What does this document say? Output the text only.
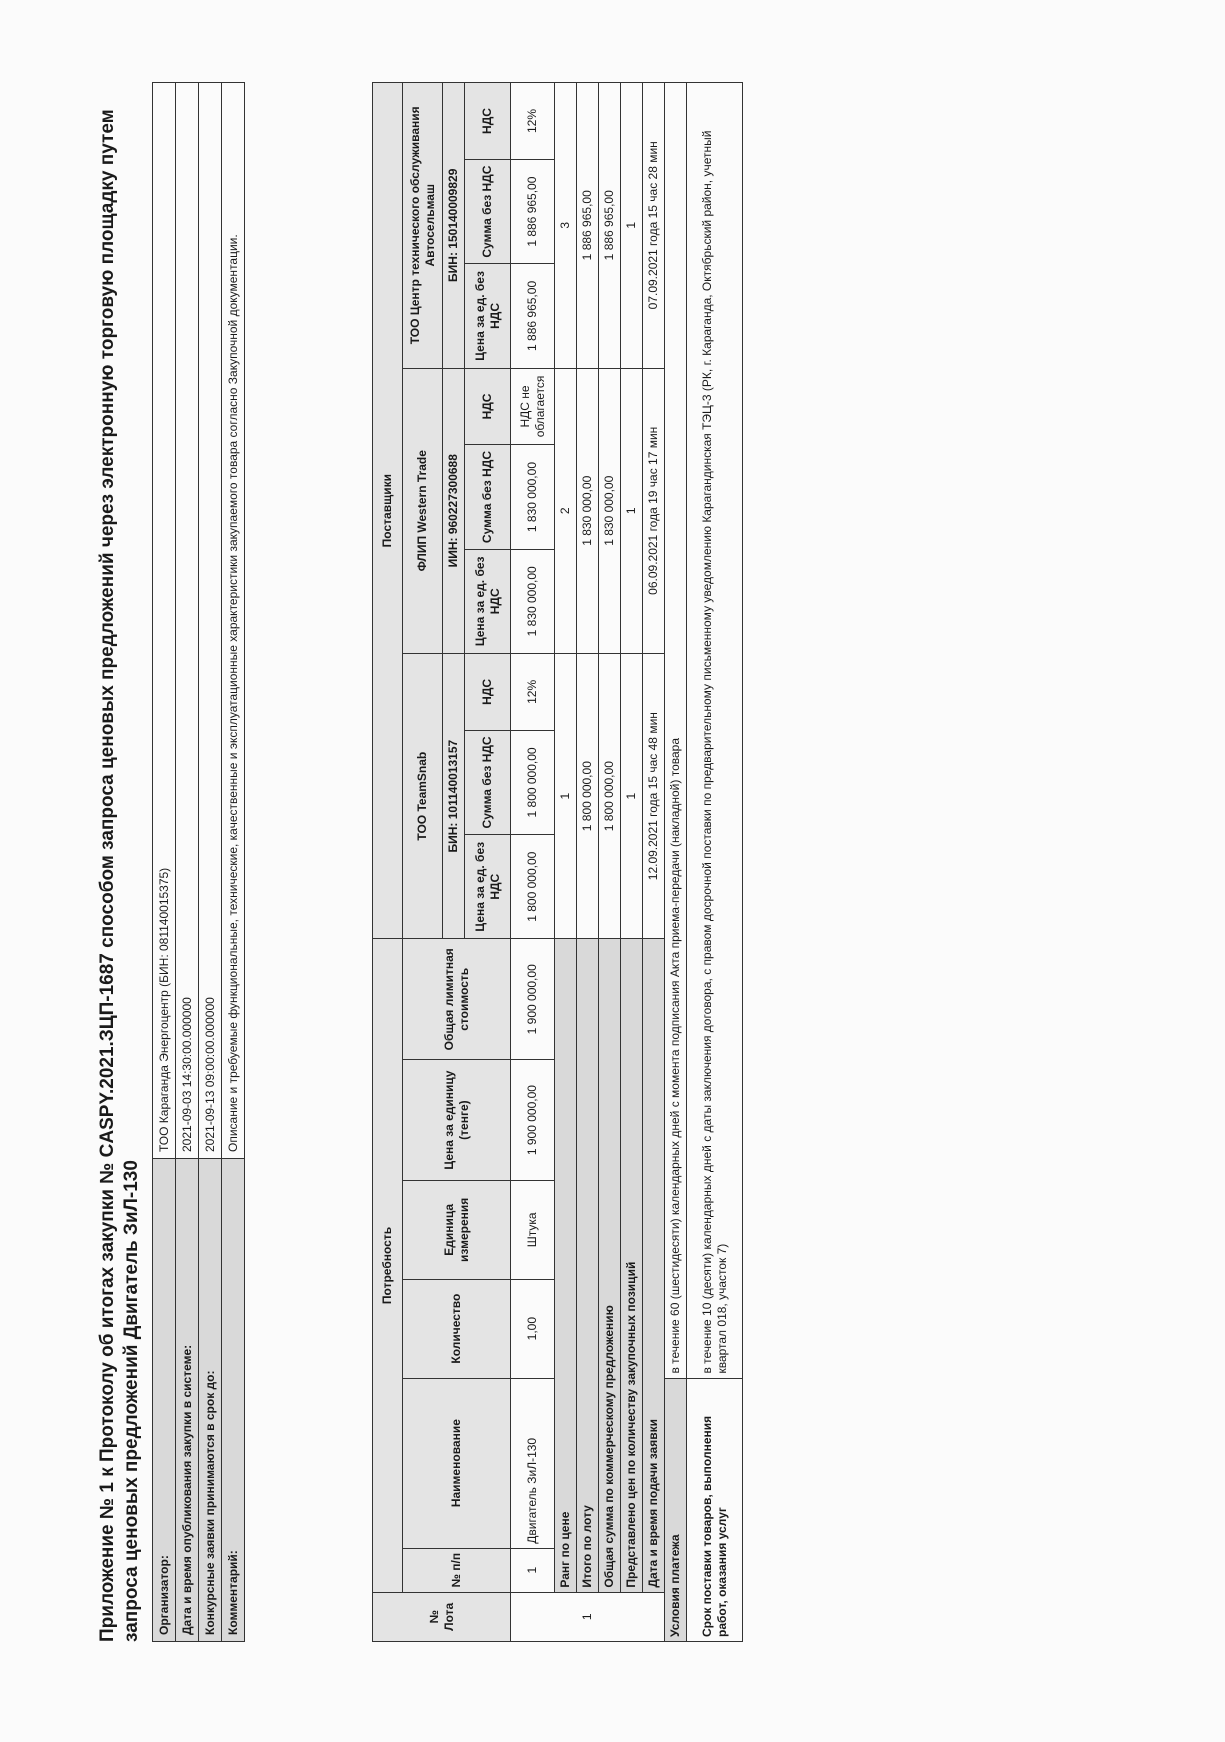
Приложение № 1 к Протоколу об итогах закупки № CASPY.2021.ЗЦП-1687 способом запроса ценовых предложений через электронную торговую площадку путем запроса ценовых предложений Двигатель ЗиЛ-130 Организатор:	ТОО Караганда Энергоцентр (БИН: 081140015375)
Дата и время опубликования закупки в системе:	2021-09-03 14:30:00.000000
Конкурсные заявки принимаются в срок до:	2021-09-13 09:00:00.000000
Комментарий:	Описание и требуемые функциональные, технические, качественные и эксплуатационные характеристики закупаемого товара согласно Закупочной документации.
№ Лота	Потребность						Поставщики								
	№ п/п	Наименование	Количество	Единица измерения	Цена за единицу (тенге)	Общая лимитная стоимость	ТОО TeamSnab			ФЛИП Western Trade			ТОО Центр технического обслуживания Автосельмаш		
							БИН: 101140013157			ИИН: 960227300688			БИН: 150140009829		
							Цена за ед. без НДС	Сумма без НДС	НДС	Цена за ед. без НДС	Сумма без НДС	НДС	Цена за ед. без НДС	Сумма без НДС	НДС
1	1	Двигатель ЗиЛ-130	1,00	Штука	1 900 000,00	1 900 000,00	1 800 000,00	1 800 000,00	12%	1 830 000,00	1 830 000,00	НДС не облагается	1 886 965,00	1 886 965,00	12%
	Ранг по цене						1			2			3		
	Итого по лоту						1 800 000,00			1 830 000,00			1 886 965,00		
	Общая сумма по коммерческому предложению						1 800 000,00			1 830 000,00			1 886 965,00		
	Представлено цен по количеству закупочных позиций						1			1			1		
	Дата и время подачи заявки						12.09.2021 года 15 час 48 мин			06.09.2021 года 19 час 17 мин			07.09.2021 года 15 час 28 мин		
Условия платежа			в течение 60 (шестидесяти) календарных дней с момента подписания Акта приема-передачи (накладной) товара												
Срок поставки товаров, выполнения работ, оказания услуг			в течение 10 (десяти) календарных дней с даты заключения договора, с правом досрочной поставки по предварительному письменному уведомлению Карагандинская ТЭЦ-3 (РК, г. Караганда, Октябрьский район, учетный квартал 018, участок 7)												
